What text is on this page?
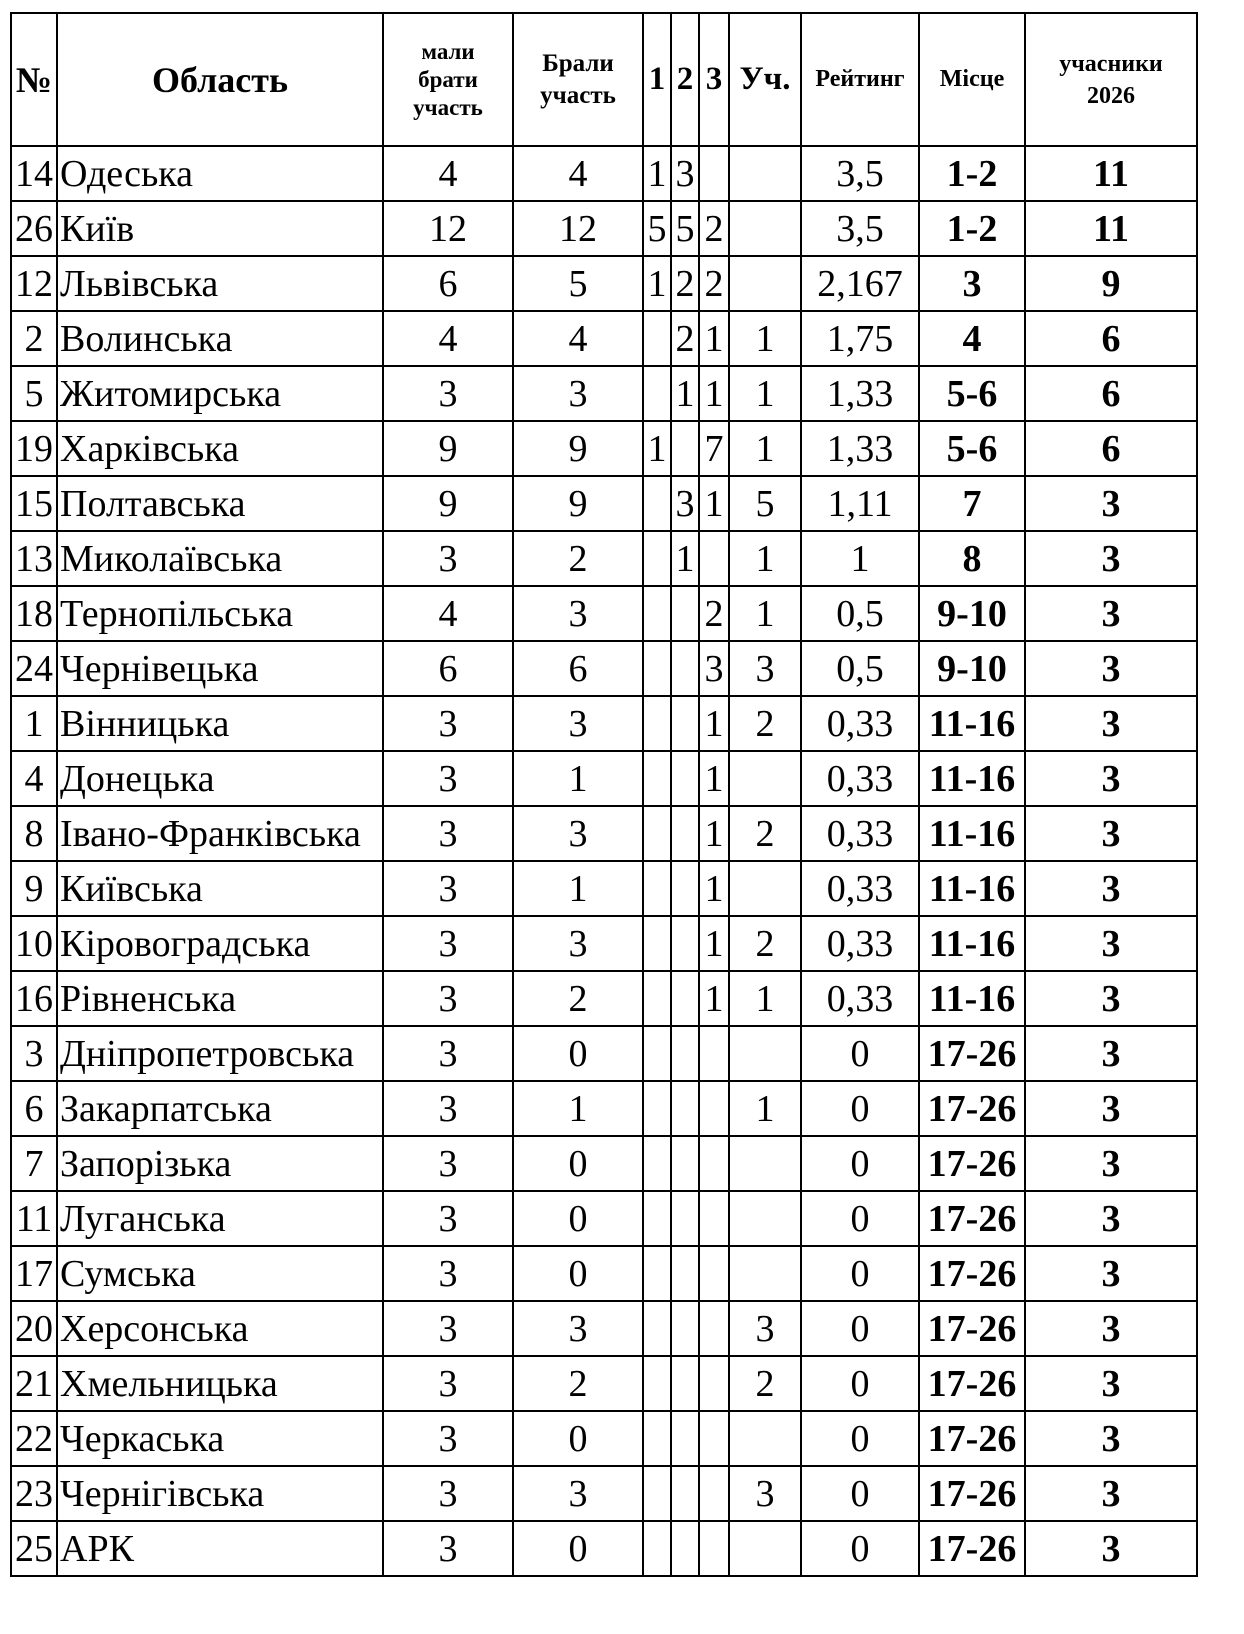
№	Область	мали
брати
участь	Брали
участь	1	2	3	Уч.	Рейтинг	Місце	учасники
2026

14	Одеська	4	4	1	3			3,5	1-2	11
26	Київ	12	12	5	5	2		3,5	1-2	11
12	Львівська	6	5	1	2	2		2,167	3	9
2	Волинська	4	4		2	1	1	1,75	4	6
5	Житомирська	3	3		1	1	1	1,33	5-6	6
19	Харківська	9	9	1		7	1	1,33	5-6	6
15	Полтавська	9	9		3	1	5	1,11	7	3
13	Миколаївська	3	2		1		1	1	8	3
18	Тернопільська	4	3			2	1	0,5	9-10	3
24	Чернівецька	6	6			3	3	0,5	9-10	3
1	Вінницька	3	3			1	2	0,33	11-16	3
4	Донецька	3	1			1		0,33	11-16	3
8	Івано-Франківська	3	3			1	2	0,33	11-16	3
9	Київська	3	1			1		0,33	11-16	3
10	Кіровоградська	3	3			1	2	0,33	11-16	3
16	Рівненська	3	2			1	1	0,33	11-16	3
3	Дніпропетровська	3	0					0	17-26	3
6	Закарпатська	3	1				1	0	17-26	3
7	Запорізька	3	0					0	17-26	3
11	Луганська	3	0					0	17-26	3
17	Сумська	3	0					0	17-26	3
20	Херсонська	3	3				3	0	17-26	3
21	Хмельницька	3	2				2	0	17-26	3
22	Черкаська	3	0					0	17-26	3
23	Чернігівська	3	3				3	0	17-26	3
25	АРК	3	0					0	17-26	3
